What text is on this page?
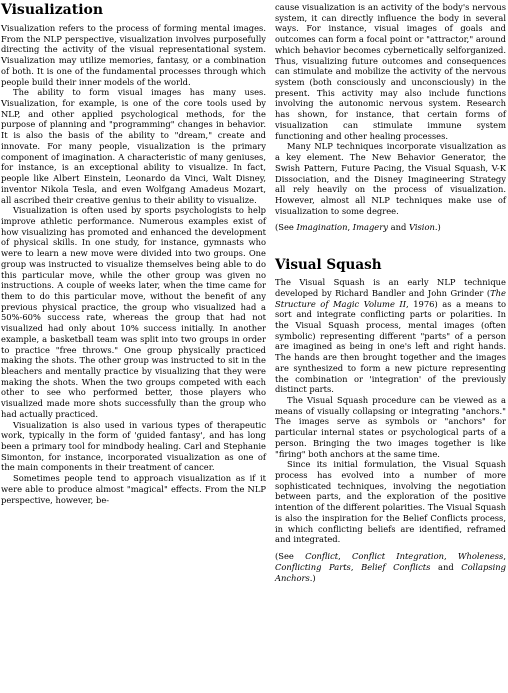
Visualization

Visualization refers to the process of forming mental images. From the NLP perspective, visualization involves purposefully directing the activity of the visual representational system. Visualization may utilize memories, fantasy, or a combination of both. It is one of the fundamental processes through which people build their inner models of the world.

The ability to form visual images has many uses. Visualization, for example, is one of the core tools used by NLP, and other applied psychological methods, for the purpose of planning and "programming" changes in behavior. It is also the basis of the ability to "dream," create and innovate. For many people, visualization is the primary component of imagination. A characteristic of many geniuses, for instance, is an exceptional ability to visualize. In fact, people like Albert Einstein, Leonardo da Vinci, Walt Disney, inventor Nikola Tesla, and even Wolfgang Amadeus Mozart, all ascribed their creative genius to their ability to visualize.

Visualization is often used by sports psychologists to help improve athletic performance. Numerous examples exist of how visualizing has promoted and enhanced the development of physical skills. In one study, for instance, gymnasts who were to learn a new move were divided into two groups. One group was instructed to visualize themselves being able to do this particular move, while the other group was given no instructions. A couple of weeks later, when the time came for them to do this particular move, without the benefit of any previous physical practice, the group who visualized had a 50%-60% success rate, whereas the group that had not visualized had only about 10% success initially. In another example, a basketball team was split into two groups in order to practice "free throws." One group physically practiced making the shots. The other group was instructed to sit in the bleachers and mentally practice by visualizing that they were making the shots. When the two groups competed with each other to see who performed better, those players who visualized made more shots successfully than the group who had actually practiced.

Visualization is also used in various types of therapeutic work, typically in the form of 'guided fantasy', and has long been a primary tool for mindbody healing. Carl and Stephanie Simonton, for instance, incorporated visualization as one of the main components in their treatment of cancer.

Sometimes people tend to approach visualization as if it were able to produce almost "magical" effects. From the NLP perspective, however, be-

cause visualization is an activity of the body's nervous system, it can directly influence the body in several ways. For instance, visual images of goals and outcomes can form a focal point or "attractor," around which behavior becomes cybernetically selforganized. Thus, visualizing future outcomes and consequences can stimulate and mobilize the activity of the nervous system (both consciously and unconsciously) in the present. This activity may also include functions involving the autonomic nervous system. Research has shown, for instance, that certain forms of visualization can stimulate immune system functioning and other healing processes.

Many NLP techniques incorporate visualization as a key element. The New Behavior Generator, the Swish Pattern, Future Pacing, the Visual Squash, V-K Dissociation, and the Disney Imagineering Strategy all rely heavily on the process of visualization. However, almost all NLP techniques make use of visualization to some degree.

(See Imagination, Imagery and Vision.)

Visual Squash

The Visual Squash is an early NLP technique developed by Richard Bandler and John Grinder (The Structure of Magic Volume II, 1976) as a means to sort and integrate conflicting parts or polarities. In the Visual Squash process, mental images (often symbolic) representing different "parts" of a person are imagined as being in one's left and right hands. The hands are then brought together and the images are synthesized to form a new picture representing the combination or 'integration' of the previously distinct parts.

The Visual Squash procedure can be viewed as a means of visually collapsing or integrating "anchors." The images serve as symbols or "anchors" for particular internal states or psychological parts of a person. Bringing the two images together is like "firing" both anchors at the same time.

Since its initial formulation, the Visual Squash process has evolved into a number of more sophisticated techniques, involving the negotiation between parts, and the exploration of the positive intention of the different polarities. The Visual Squash is also the inspiration for the Belief Conflicts process, in which conflicting beliefs are identified, reframed and integrated.

(See Conflict, Conflict Integration, Wholeness, Conflicting Parts, Belief Conflicts and Collapsing Anchors.)
